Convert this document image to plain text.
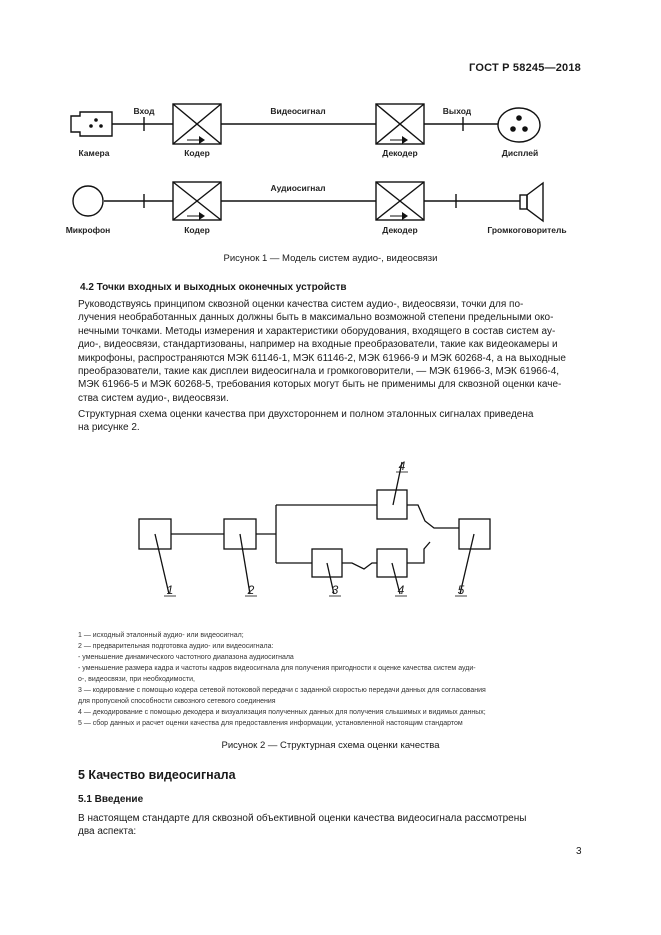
ГОСТ Р 58245—2018
Вход	Видеосигнал	Выход
Камера	Кодер	Декодер	Дисплей
Аудиосигнал
Микрофон	Кодер	Декодер	Громкоговоритель
Рисунок 1 — Модель систем аудио-, видеосвязи
4.2 Точки входных и выходных оконечных устройств
Руководствуясь принципом сквозной оценки качества систем аудио-, видеосвязи, точки для по-
лучения необработанных данных должны быть в максимально возможной степени предельными око-
нечными точками. Методы измерения и характеристики оборудования, входящего в состав систем ау-
дио-, видеосвязи, стандартизованы, например на входные преобразователи, такие как видеокамеры и
микрофоны, распространяются МЭК 61146-1, МЭК 61146-2, МЭК 61966-9 и МЭК 60268-4, а на выходные
преобразователи, такие как дисплеи видеосигнала и громкоговорители, — МЭК 61966-3, МЭК 61966-4,
МЭК 61966-5 и МЭК 60268-5, требования которых могут быть не применимы для сквозной оценки каче-
ства систем аудио-, видеосвязи.
Структурная схема оценки качества при двухстороннем и полном эталонных сигналах приведена
на рисунке 2.
1	2	3
4
4	5
1 — исходный эталонный аудио- или видеосигнал;
2 — предварительная подготовка аудио- или видеосигнала:
- уменьшение динамического частотного диапазона аудиосигнала
- уменьшение размера кадра и частоты кадров видеосигнала для получения пригодности к оценке качества систем ауди-
о-, видеосвязи, при необходимости,
3 — кодирование с помощью кодера сетевой потоковой передачи с заданной скоростью передачи данных для согласования
для пропускной способности сквозного сетевого соединения
4 — декодирование с помощью декодера и визуализация полученных данных для получения слышимых и видимых данных;
5 — сбор данных и расчет оценки качества для предоставления информации, установленной настоящим стандартом
Рисунок 2 — Структурная схема оценки качества
5 Качество видеосигнала
5.1 Введение
В настоящем стандарте для сквозной объективной оценки качества видеосигнала рассмотрены
два аспекта:
3
